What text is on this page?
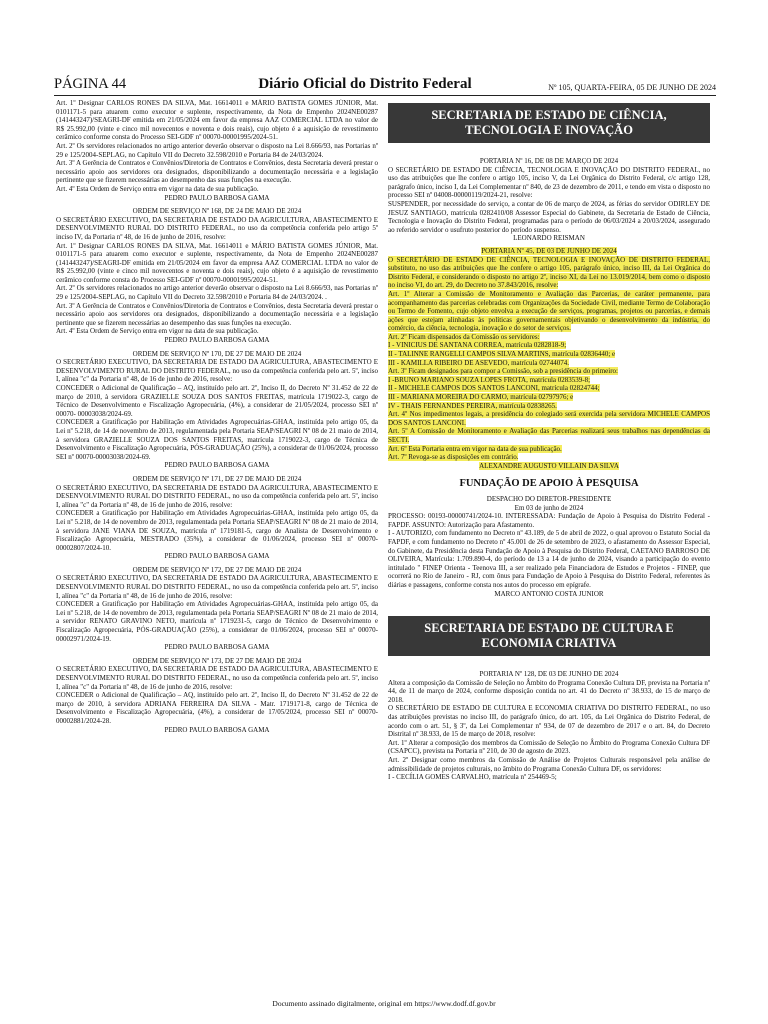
PÁGINA 44	Diário Oficial do Distrito Federal	Nº 105, QUARTA-FEIRA, 05 DE JUNHO DE 2024

Art. 1º Designar CARLOS RONES DA SILVA, Mat. 16614011 e MÁRIO BATISTA GOMES JÚNIOR, Mat. 0101171-5 para atuarem como executor e suplente, respectivamente, da Nota de Empenho 2024NE00287 (141443247)/SEAGRI-DF emitida em 21/05/2024 em favor da empresa AAZ COMERCIAL LTDA no valor de R$ 25.992,00 (vinte e cinco mil novecentos e noventa e dois reais), cujo objeto é a aquisição de revestimento cerâmico conforme consta do Processo SEI-GDF nº 00070-00001995/2024-51.

Art. 2º Os servidores relacionados no artigo anterior deverão observar o disposto na Lei 8.666/93, nas Portarias nº 29 e 125/2004-SEPLAG, no Capítulo VII do Decreto 32.598/2010 e Portaria 84 de 24/03/2024.

Art. 3º A Gerência de Contratos e Convênios/Diretoria de Contratos e Convênios, desta Secretaria deverá prestar o necessário apoio aos servidores ora designados, disponibilizando a documentação necessária e a legislação pertinente que se fizerem necessárias ao desempenho das suas funções na execução.

Art. 4º Esta Ordem de Serviço entra em vigor na data de sua publicação.

PEDRO PAULO BARBOSA GAMA

ORDEM DE SERVIÇO Nº 168, DE 24 DE MAIO DE 2024

O SECRETÁRIO EXECUTIVO, DA SECRETARIA DE ESTADO DA AGRICULTURA, ABASTECIMENTO E DESENVOLVIMENTO RURAL DO DISTRITO FEDERAL, no uso da competência conferida pelo artigo 5º inciso IV, da Portaria nº 48, de 16 de junho de 2016, resolve:

Art. 1º Designar CARLOS RONES DA SILVA, Mat. 16614011 e MÁRIO BATISTA GOMES JÚNIOR, Mat. 0101171-5 para atuarem como executor e suplente, respectivamente, da Nota de Empenho 2024NE00287 (141443247)/SEAGRI-DF emitida em 21/05/2024 em favor da empresa AAZ COMERCIAL LTDA no valor de R$ 25.992,00 (vinte e cinco mil novecentos e noventa e dois reais), cujo objeto é a aquisição de revestimento cerâmico conforme consta do Processo SEI-GDF nº 00070-00001995/2024-51.

Art. 2º Os servidores relacionados no artigo anterior deverão observar o disposto na Lei 8.666/93, nas Portarias nº 29 e 125/2004-SEPLAG, no Capítulo VII do Decreto 32.598/2010 e Portaria 84 de 24/03/2024. .

Art. 3º A Gerência de Contratos e Convênios/Diretoria de Contratos e Convênios, desta Secretaria deverá prestar o necessário apoio aos servidores ora designados, disponibilizando a documentação necessária e a legislação pertinente que se fizerem necessárias ao desempenho das suas funções na execução.

Art. 4º Esta Ordem de Serviço entra em vigor na data de sua publicação.

PEDRO PAULO BARBOSA GAMA

ORDEM DE SERVIÇO Nº 170, DE 27 DE MAIO DE 2024

O SECRETÁRIO EXECUTIVO, DA SECRETARIA DE ESTADO DA AGRICULTURA, ABASTECIMENTO E DESENVOLVIMENTO RURAL DO DISTRITO FEDERAL, no uso da competência conferida pelo art. 5º, inciso I, alínea "c" da Portaria nº 48, de 16 de junho de 2016, resolve:

CONCEDER o Adicional de Qualificação – AQ, instituído pelo art. 2º, Inciso II, do Decreto Nº 31.452 de 22 de março de 2010, à servidora GRAZIELLE SOUZA DOS SANTOS FREITAS, matrícula 1719022-3, cargo de Técnico de Desenvolvimento e Fiscalização Agropecuária, (4%), a considerar de 21/05/2024, processo SEI nº 00070- 00003038/2024-69.

CONCEDER a Gratificação por Habilitação em Atividades Agropecuárias-GHAA, instituída pelo artigo 05, da Lei nº 5.218, de 14 de novembro de 2013, regulamentada pela Portaria SEAP/SEAGRI Nº 08 de 21 maio de 2014, à servidora GRAZIELLE SOUZA DOS SANTOS FREITAS, matrícula 1719022-3, cargo de Técnica de Desenvolvimento e Fiscalização Agropecuária, PÓS-GRADUAÇÃO (25%), a considerar de 01/06/2024, processo SEI nº 00070-00003038/2024-69.

PEDRO PAULO BARBOSA GAMA

ORDEM DE SERVIÇO Nº 171, DE 27 DE MAIO DE 2024

O SECRETÁRIO EXECUTIVO, DA SECRETARIA DE ESTADO DA AGRICULTURA, ABASTECIMENTO E DESENVOLVIMENTO RURAL DO DISTRITO FEDERAL, no uso da competência conferida pelo art. 5º, inciso I, alínea "c" da Portaria nº 48, de 16 de junho de 2016, resolve:

CONCEDER a Gratificação por Habilitação em Atividades Agropecuárias-GHAA, instituída pelo artigo 05, da Lei nº 5.218, de 14 de novembro de 2013, regulamentada pela Portaria SEAP/SEAGRI Nº 08 de 21 maio de 2014, à servidora JANE VIANA DE SOUZA, matrícula nº 1719181-5, cargo de Analista de Desenvolvimento e Fiscalização Agropecuária, MESTRADO (35%), a considerar de 01/06/2024, processo SEI nº 00070- 00002807/2024-10.

PEDRO PAULO BARBOSA GAMA

ORDEM DE SERVIÇO Nº 172, DE 27 DE MAIO DE 2024

O SECRETÁRIO EXECUTIVO, DA SECRETARIA DE ESTADO DA AGRICULTURA, ABASTECIMENTO E DESENVOLVIMENTO RURAL DO DISTRITO FEDERAL, no uso da competência conferida pelo art. 5º, inciso I, alínea "c" da Portaria nº 48, de 16 de junho de 2016, resolve:

CONCEDER a Gratificação por Habilitação em Atividades Agropecuárias-GHAA, instituída pelo artigo 05, da Lei nº 5.218, de 14 de novembro de 2013, regulamentada pela Portaria SEAP/SEAGRI Nº 08 de 21 maio de 2014, a servidor RENATO GRAVINO NETO, matrícula nº 1719231-5, cargo de Técnico de Desenvolvimento e Fiscalização Agropecuária, PÓS-GRADUAÇÃO (25%), a considerar de 01/06/2024, processo SEI nº 00070-00002971/2024-19.

PEDRO PAULO BARBOSA GAMA

ORDEM DE SERVIÇO Nº 173, DE 27 DE MAIO DE 2024

O SECRETÁRIO EXECUTIVO, DA SECRETARIA DE ESTADO DA AGRICULTURA, ABASTECIMENTO E DESENVOLVIMENTO RURAL DO DISTRITO FEDERAL, no uso da competência conferida pelo art. 5º, inciso I, alínea "c" da Portaria nº 48, de 16 de junho de 2016, resolve:

CONCEDER o Adicional de Qualificação – AQ, instituído pelo art. 2º, Inciso II, do Decreto Nº 31.452 de 22 de março de 2010, à servidora ADRIANA FERREIRA DA SILVA - Matr. 1719171-8, cargo de Técnica de Desenvolvimento e Fiscalização Agropecuária, (4%), a considerar de 17/05/2024, processo SEI nº 00070- 00002881/2024-28.

PEDRO PAULO BARBOSA GAMA

SECRETARIA DE ESTADO DE CIÊNCIA, TECNOLOGIA E INOVAÇÃO

PORTARIA Nº 16, DE 08 DE MARÇO DE 2024

O SECRETÁRIO DE ESTADO DE CIÊNCIA, TECNOLOGIA E INOVAÇÃO DO DISTRITO FEDERAL, no uso das atribuições que lhe confere o artigo 105, inciso V, da Lei Orgânica do Distrito Federal, c/c artigo 128, parágrafo único, inciso I, da Lei Complementar nº 840, de 23 de dezembro de 2011, e tendo em vista o disposto no processo SEI nº 04008-00000119/2024-21, resolve:

SUSPENDER, por necessidade do serviço, a contar de 06 de março de 2024, as férias do servidor ODIRLEY DE JESUZ SANTIAGO, matrícula 0282410/08 Assessor Especial do Gabinete, da Secretaria de Estado de Ciência, Tecnologia e Inovação do Distrito Federal, programadas para o período de 06/03/2024 a 20/03/2024, assegurado ao referido servidor o usufruto posterior do período suspenso.

LEONARDO REISMAN

PORTARIA Nº 45, DE 03 DE JUNHO DE 2024

O SECRETÁRIO DE ESTADO DE CIÊNCIA, TECNOLOGIA E INOVAÇÃO DE DISTRITO FEDERAL, substituto, no uso das atribuições que lhe confere o artigo 105, parágrafo único, inciso III, da Lei Orgânica do Distrito Federal, e considerando o disposto no artigo 2º, inciso XI, da Lei no 13.019/2014, bem como o disposto no inciso VI, do art. 29, do Decreto no 37.843/2016, resolve:

Art. 1º Alterar a Comissão de Monitoramento e Avaliação das Parcerias, de caráter permanente, para acompanhamento das parcerias celebradas com Organizações da Sociedade Civil, mediante Termo de Colaboração ou Termo de Fomento, cujo objeto envolva a execução de serviços, programas, projetos ou parcerias, e demais ações que estejam alinhadas às políticas governamentais objetivando o desenvolvimento da indústria, do comércio, da ciência, tecnologia, inovação e do setor de serviços.

Art. 2º Ficam dispensados da Comissão os servidores:

I - VINICIUS DE SANTANA CORREA, matrícula 0282818-9;

II - TALINNE RANGELLI CAMPOS SILVA MARTINS, matrícula 02836440; e

III - KAMILLA RIBEIRO DE ASEVEDO, matrícula 02744074.

Art. 3º Ficam designados para compor a Comissão, sob a presidência do primeiro:

I -BRUNO MARIANO SOUZA LOPES FROTA, matrícula 0283539-8;

II - MICHELE CAMPOS DOS SANTOS LANCONI, matrícula 02824744;

III - MARIANA MOREIRA DO CARMO, matrícula 02797976; e

IV - THAIS FERNANDES PEREIRA, matrícula 02838265.

Art. 4º Nos impedimentos legais, a presidência do colegiado será exercida pela servidora MICHELE CAMPOS DOS SANTOS LANCONI.

Art. 5º A Comissão de Monitoramento e Avaliação das Parcerias realizará seus trabalhos nas dependências da SECTI.

Art. 6º Esta Portaria entra em vigor na data de sua publicação.

Art. 7º Revoga-se as disposições em contrário.

ALEXANDRE AUGUSTO VILLAIN DA SILVA

FUNDAÇÃO DE APOIO À PESQUISA

DESPACHO DO DIRETOR-PRESIDENTE

Em 03 de junho de 2024

PROCESSO: 00193-00000741/2024-10. INTERESSADA: Fundação de Apoio à Pesquisa do Distrito Federal - FAPDF. ASSUNTO: Autorização para Afastamento.

I - AUTORIZO, com fundamento no Decreto nº 43.189, de 5 de abril de 2022, o qual aprovou o Estatuto Social da FAPDF, e com fundamento no Decreto nº 45.001 de 26 de setembro de 2023, o afastamento do Assessor Especial, do Gabinete, da Presidência desta Fundação de Apoio à Pesquisa do Distrito Federal, CAETANO BARROSO DE OLIVEIRA, Matrícula: 1.709.890-4, do período de 13 a 14 de junho de 2024, visando a participação do evento intitulado " FINEP Orienta - Teenova III, a ser realizado pela Financiadora de Estudos e Projetos - FINEP, que ocorrerá no Rio de Janeiro - RJ, com ônus para Fundação de Apoio à Pesquisa do Distrito Federal, referentes às diárias e passagens, conforme consta nos autos do processo em epígrafe.

MARCO ANTONIO COSTA JUNIOR

SECRETARIA DE ESTADO DE CULTURA E ECONOMIA CRIATIVA

PORTARIA Nº 128, DE 03 DE JUNHO DE 2024

Altera a composição da Comissão de Seleção no Âmbito do Programa Conexão Cultura DF, prevista na Portaria nº 44, de 11 de março de 2024, conforme disposição contida no art. 41 do Decreto nº 38.933, de 15 de março de 2018.

O SECRETÁRIO DE ESTADO DE CULTURA E ECONOMIA CRIATIVA DO DISTRITO FEDERAL, no uso das atribuições previstas no inciso III, do parágrafo único, do art. 105, da Lei Orgânica do Distrito Federal, de acordo com o art. 51, § 3º, da Lei Complementar nº 934, de 07 de dezembro de 2017 e o art. 84, do Decreto Distrital nº 38.933, de 15 de março de 2018, resolve:

Art. 1º Alterar a composição dos membros da Comissão de Seleção no Âmbito do Programa Conexão Cultura DF (CSAPCC), prevista na Portaria nº 210, de 30 de agosto de 2023.

Art. 2º Designar como membros da Comissão de Análise de Projetos Culturais responsável pela análise de admissibilidade de projetos culturais, no âmbito do Programa Conexão Cultura DF, os servidores:

I - CECÍLIA GOMES CARVALHO, matrícula nº 254469-5;

Documento assinado digitalmente, original em https://www.dodf.df.gov.br
